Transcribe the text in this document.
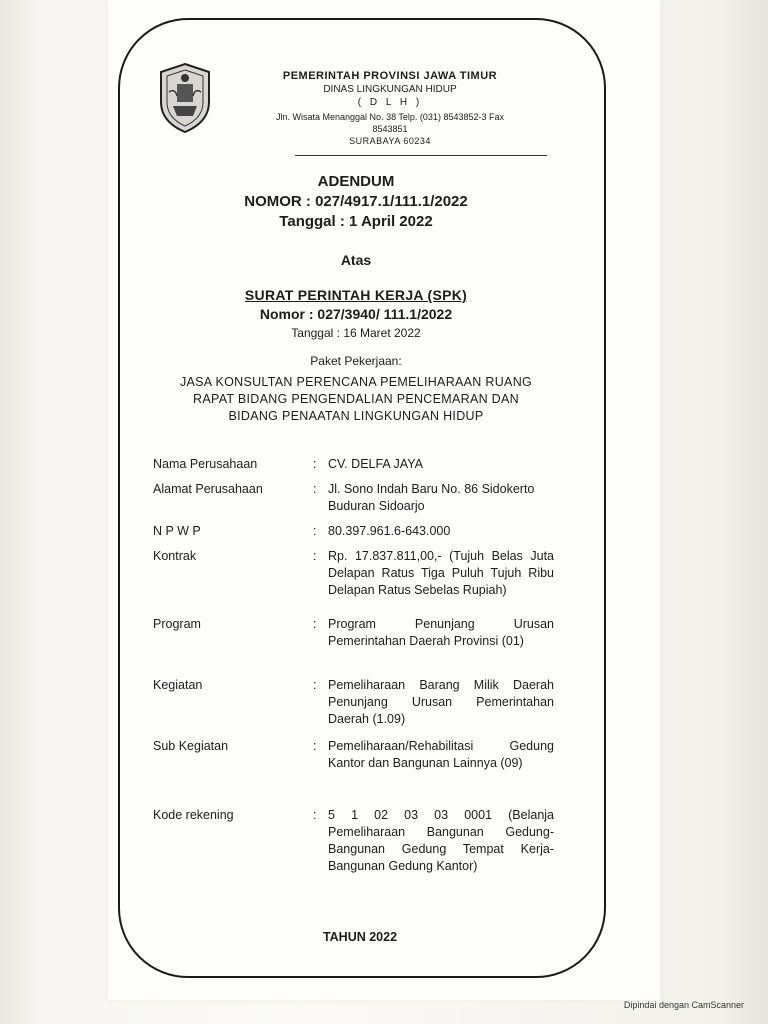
PEMERINTAH PROVINSI JAWA TIMUR
DINAS LINGKUNGAN HIDUP
( D L H )
Jln. Wisata Menanggal No. 38 Telp. (031) 8543852-3 Fax
8543851
SURABAYA 60234
ADENDUM
NOMOR : 027/4917.1/111.1/2022
Tanggal : 1 April 2022
Atas
SURAT PERINTAH KERJA (SPK)
Nomor : 027/3940/ 111.1/2022
Tanggal : 16 Maret 2022
Paket Pekerjaan:
JASA KONSULTAN PERENCANA PEMELIHARAAN RUANG
RAPAT BIDANG PENGENDALIAN PENCEMARAN DAN
BIDANG PENAATAN LINGKUNGAN HIDUP
Nama Perusahaan	: CV. DELFA JAYA
Alamat Perusahaan	: Jl. Sono Indah Baru No. 86 Sidokerto Buduran Sidoarjo
N P W P	: 80.397.961.6-643.000
Kontrak	: Rp. 17.837.811,00,- (Tujuh Belas Juta Delapan Ratus Tiga Puluh Tujuh Ribu Delapan Ratus Sebelas Rupiah)
Program	: Program Penunjang Urusan Pemerintahan Daerah Provinsi (01)
Kegiatan	: Pemeliharaan Barang Milik Daerah Penunjang Urusan Pemerintahan Daerah (1.09)
Sub Kegiatan	: Pemeliharaan/Rehabilitasi Gedung Kantor dan Bangunan Lainnya (09)
Kode rekening	: 5 1 02 03 03 0001 (Belanja Pemeliharaan Bangunan Gedung-Bangunan Gedung Tempat Kerja-Bangunan Gedung Kantor)
TAHUN 2022
Dipindai dengan CamScanner
